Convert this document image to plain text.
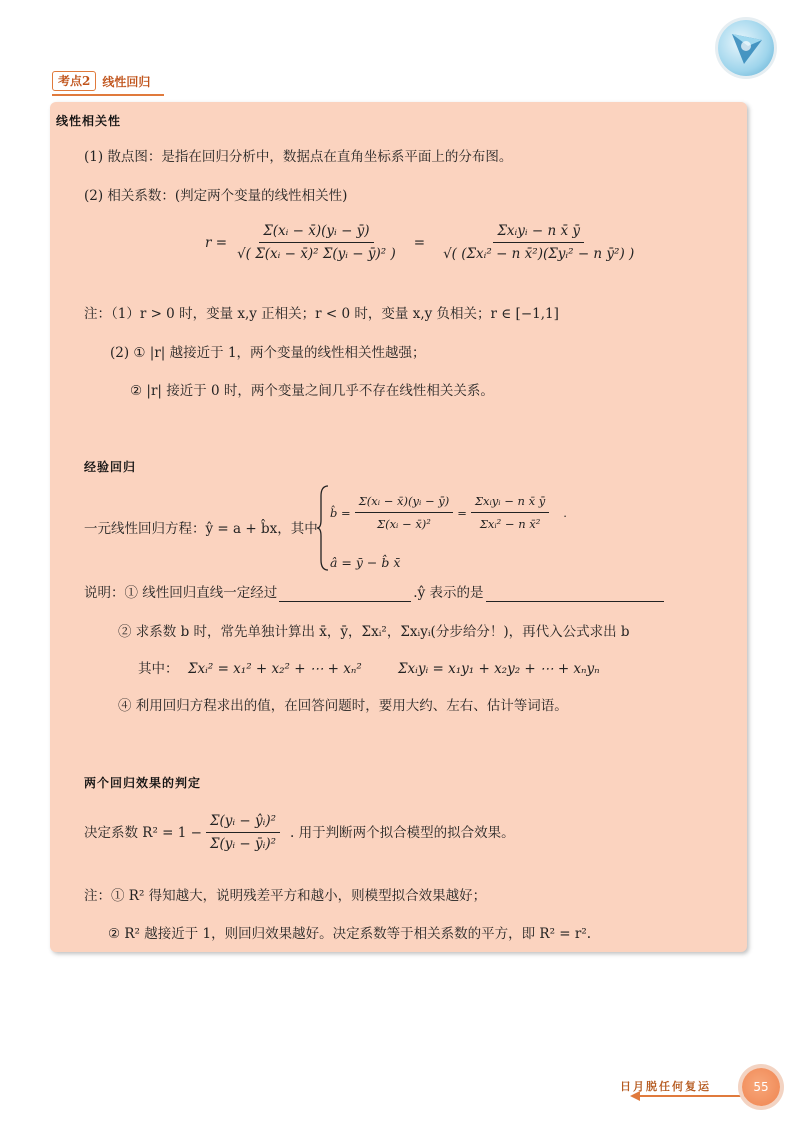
考点2	线性回归
线性相关性
(1) 散点图：是指在回归分析中，数据点在直角坐标系平面上的分布图。
(2) 相关系数：(判定两个变量的线性相关性)
$r = \frac{\text{Σ(xᵢ − x̄)(yᵢ − ȳ)}}{\text{√( Σ(xᵢ − x̄)² Σ(yᵢ − ȳ)² )}} = \frac{\text{Σxᵢyᵢ − n x̄ ȳ}}{\text{√( (Σxᵢ² − n x̄²)(Σyᵢ² − n ȳ²) )}}$
注：（1）r > 0 时，变量 x,y 正相关；r < 0 时，变量 x,y 负相关；r ∈ [−1,1]
(2) ① |r| 越接近于 1，两个变量的线性相关性越强；
② |r| 接近于 0 时，两个变量之间几乎不存在线性相关关系。
经验回归
一元线性回归方程：ŷ = a + b̂x，其中
b̂ = $\frac{\text{Σ(xᵢ − x̄)(yᵢ − ȳ)}}{\text{Σ(xᵢ − x̄)²}} = \frac{\text{Σxᵢyᵢ − n x̄ ȳ}}{\text{Σxᵢ² − n x̄²}}$ .
â = ȳ − b̂ x̄
说明：① 线性回归直线一定经过	.ŷ 表示的是
② 求系数 b 时，常先单独计算出 x̄，ȳ，Σxᵢ²，Σxᵢyᵢ(分步给分！)，再代入公式求出 b
其中： Σxᵢ² = x₁² + x₂² + ⋯ + xₙ²	Σxᵢyᵢ = x₁y₁ + x₂y₂ + ⋯ + xₙyₙ
④ 利用回归方程求出的值，在回答问题时，要用大约、左右、估计等词语。
两个回归效果的判定
决定系数 $R^2 = 1 - \frac{\text{Σ(yᵢ − ŷᵢ)²}}{\text{Σ(yᵢ − ȳᵢ)²}}$ . 用于判断两个拟合模型的拟合效果。
注：① R² 得知越大，说明残差平方和越小，则模型拟合效果越好；
② R² 越接近于 1，则回归效果越好。决定系数等于相关系数的平方，即 R² = r².
日月脱任何复运	55
